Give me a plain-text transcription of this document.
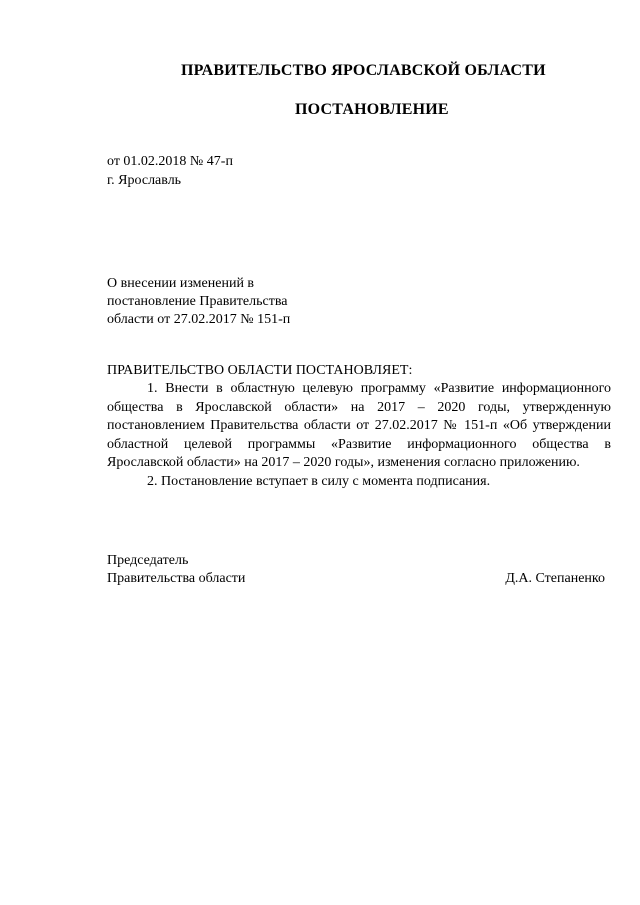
ПРАВИТЕЛЬСТВО ЯРОСЛАВСКОЙ ОБЛАСТИ
ПОСТАНОВЛЕНИЕ
от 01.02.2018 № 47-п
г. Ярославль
О внесении изменений в
постановление Правительства
области от 27.02.2017 № 151-п
ПРАВИТЕЛЬСТВО ОБЛАСТИ ПОСТАНОВЛЯЕТ:

1. Внести в областную целевую программу «Развитие информационного общества в Ярославской области» на 2017 – 2020 годы, утвержденную постановлением Правительства области от 27.02.2017 № 151-п «Об утверждении областной целевой программы «Развитие информационного общества в Ярославской области» на 2017 – 2020 годы», изменения согласно приложению.

2. Постановление вступает в силу с момента подписания.

Председатель
Правительства области	Д.А. Степаненко
